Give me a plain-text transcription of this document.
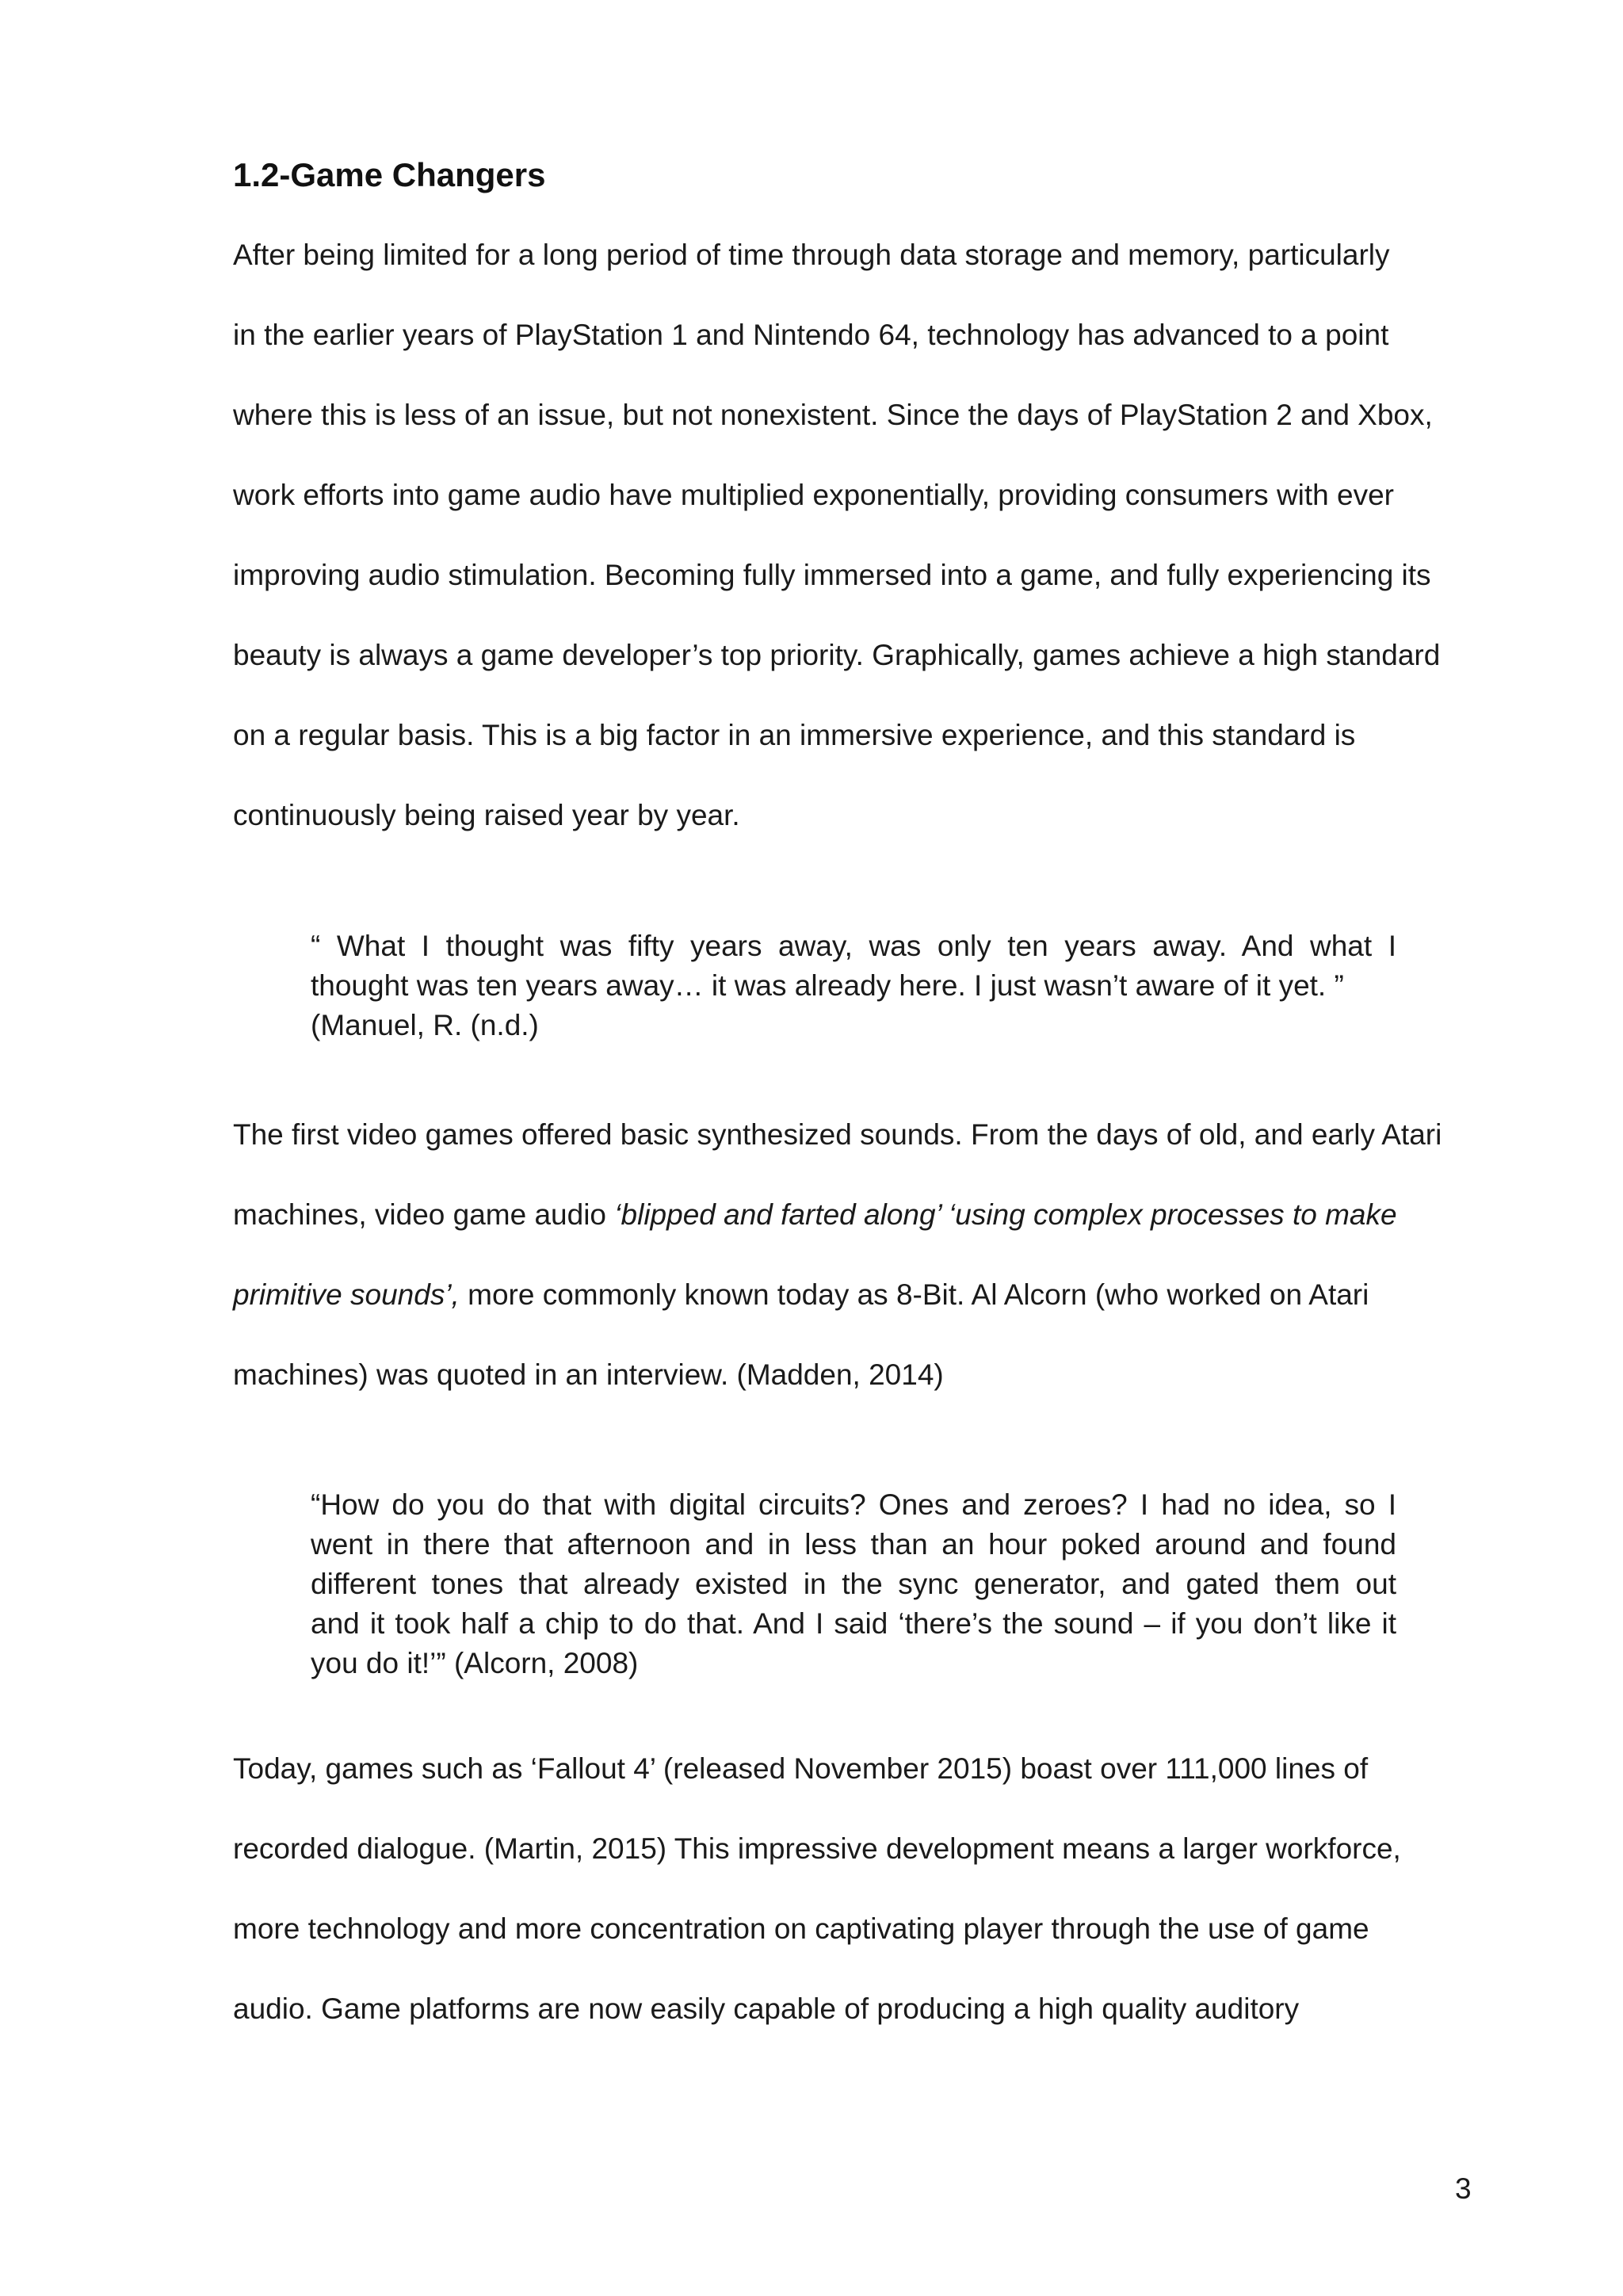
1.2-Game Changers

After being limited for a long period of time through data storage and memory, particularly

in the earlier years of PlayStation 1 and Nintendo 64, technology has advanced to a point

where this is less of an issue, but not nonexistent. Since the days of PlayStation 2 and Xbox,

work efforts into game audio have multiplied exponentially, providing consumers with ever

improving audio stimulation. Becoming fully immersed into a game, and fully experiencing its

beauty is always a game developer’s top priority. Graphically, games achieve a high standard

on a regular basis. This is a big factor in an immersive experience, and this standard is

continuously being raised year by year.

“ What I thought was fifty years away, was only ten years away. And what I

thought was ten years away… it was already here. I just wasn’t aware of it yet. ”

(Manuel, R. (n.d.)

The first video games offered basic synthesized sounds. From the days of old, and early Atari

machines, video game audio ‘blipped and farted along’ ‘using complex processes to make

primitive sounds’, more commonly known today as 8-Bit. Al Alcorn (who worked on Atari

machines) was quoted in an interview. (Madden, 2014)

“How do you do that with digital circuits? Ones and zeroes? I had no idea, so I

went in there that afternoon and in less than an hour poked around and found

different tones that already existed in the sync generator, and gated them out

and it took half a chip to do that. And I said ‘there’s the sound – if you don’t like it

you do it!’” (Alcorn, 2008)

Today, games such as ‘Fallout 4’ (released November 2015) boast over 111,000 lines of

recorded dialogue. (Martin, 2015) This impressive development means a larger workforce,

more technology and more concentration on captivating player through the use of game

audio. Game platforms are now easily capable of producing a high quality auditory

3
